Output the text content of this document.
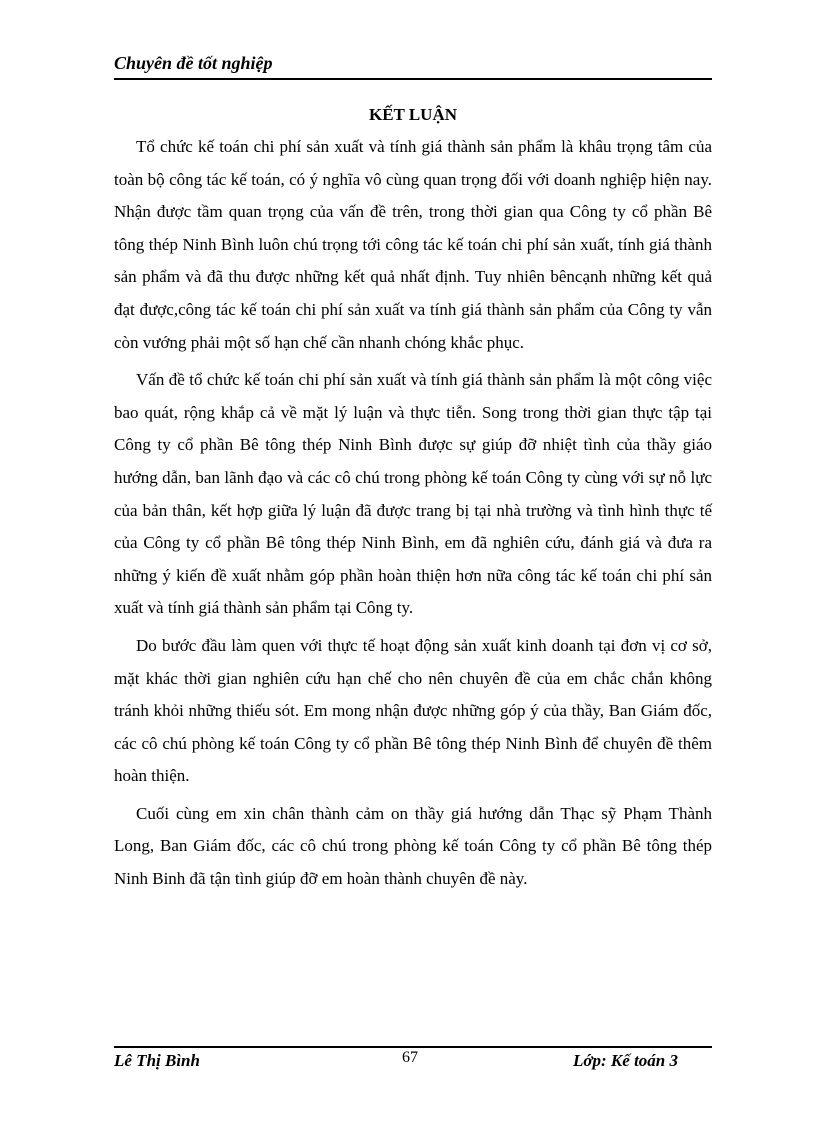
Chuyên đề tốt nghiệp
KẾT LUẬN

Tổ chức kế toán chi phí sản xuất và tính giá thành sản phẩm là khâu trọng tâm của toàn bộ công tác kế toán, có ý nghĩa vô cùng quan trọng đối với doanh nghiệp hiện nay. Nhận được tầm quan trọng của vấn đề trên, trong thời gian qua Công ty cổ phần Bê tông thép Ninh Bình luôn chú trọng tới công tác kế toán chi phí sản xuất, tính giá thành sản phẩm và đã thu được những kết quả nhất định. Tuy nhiên bêncạnh những kết quả đạt được,công tác kế toán chi phí sản xuất va tính giá thành sản phẩm của Công ty vẫn còn vướng phải một số hạn chế cần nhanh chóng khắc phục.

Vấn đề tổ chức kế toán chi phí sản xuất và tính giá thành sản phẩm là một công việc bao quát, rộng khắp cả về mặt lý luận và thực tiễn. Song trong thời gian thực tập tại Công ty cổ phần Bê tông thép Ninh Bình được sự giúp đỡ nhiệt tình của thầy giáo hướng dẫn, ban lãnh đạo và các cô chú trong phòng kế toán Công ty cùng với sự nỗ lực của bản thân, kết hợp giữa lý luận đã được trang bị tại nhà trường và tình hình thực tế của Công ty cổ phần Bê tông thép Ninh Bình, em đã nghiên cứu, đánh giá và đưa ra những ý kiến đề xuất nhằm góp phần hoàn thiện hơn nữa công tác kế toán chi phí sản xuất và tính giá thành sản phẩm tại Công ty.

Do bước đầu làm quen với thực tế hoạt động sản xuất kinh doanh tại đơn vị cơ sở, mặt khác thời gian nghiên cứu hạn chế cho nên chuyên đề của em chắc chắn không tránh khỏi những thiếu sót. Em mong nhận được những góp ý của thầy, Ban Giám đốc, các cô chú phòng kế toán Công ty cổ phần Bê tông thép Ninh Bình để chuyên đề thêm hoàn thiện.

Cuối cùng em xin chân thành cảm on thầy giá hướng dẫn Thạc sỹ Phạm Thành Long, Ban Giám đốc, các cô chú trong phòng kế toán Công ty cổ phần Bê tông thép Ninh Binh đã tận tình giúp đỡ em hoàn thành chuyên đề này.

Lê Thị Bình	67	Lớp: Kế toán 3
